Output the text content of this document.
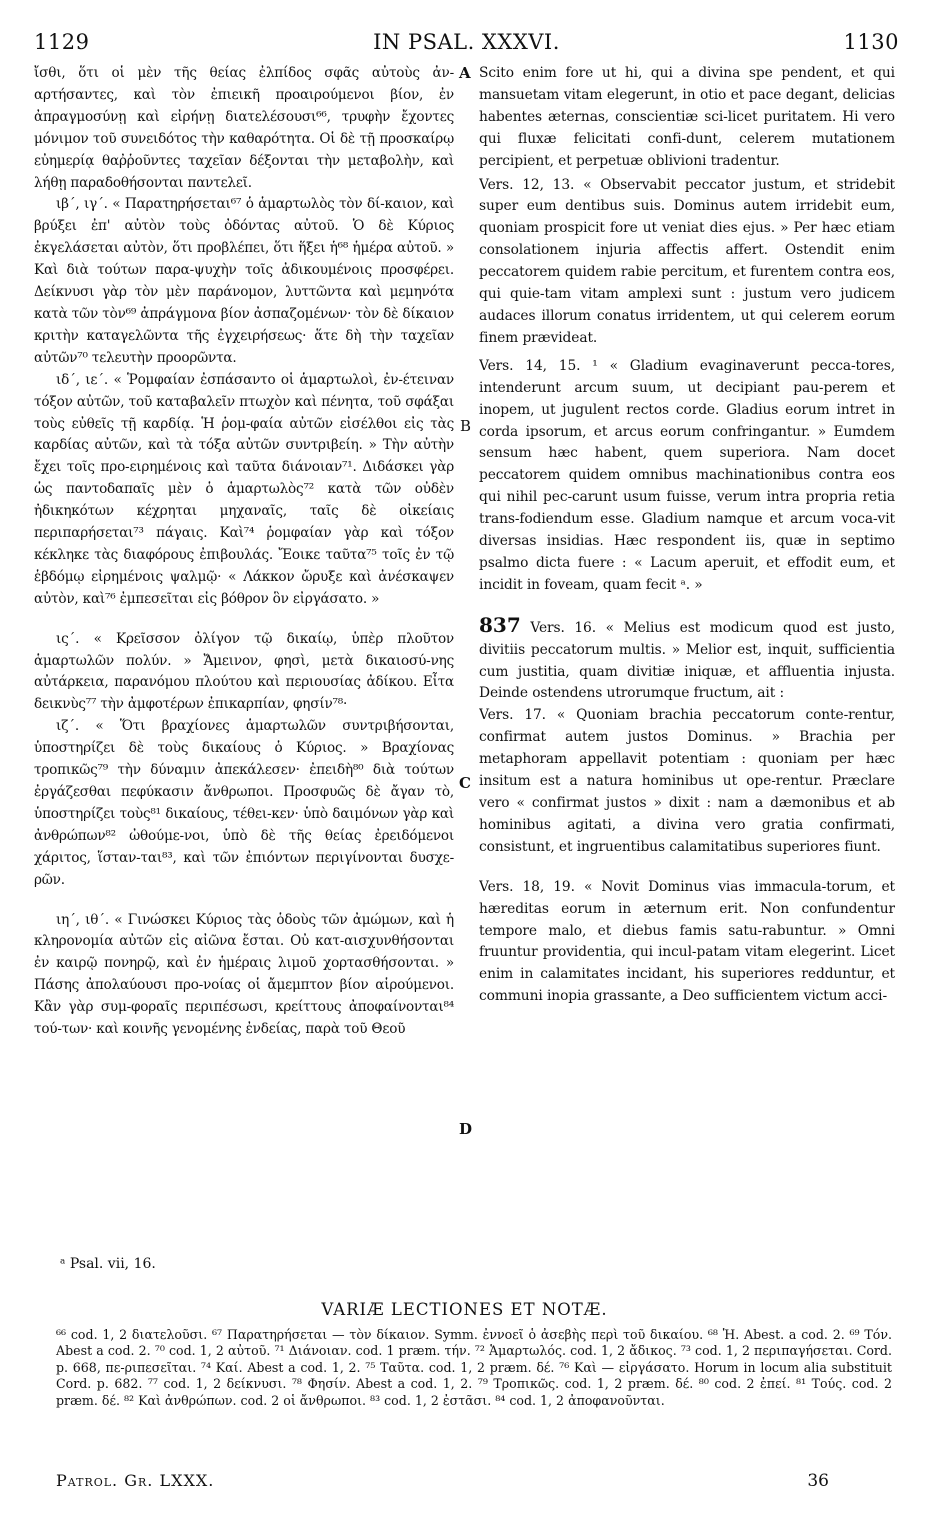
IN PSAL. XXXVI.
1129	1130

ἴσθι, ὅτι οἱ μὲν τῆς θείας ἐλπίδος σφᾶς αὐτοὺς ἀν-αρτήσαντες, καὶ τὸν ἐπιεικῆ προαιρούμενοι βίον, ἐν ἀπραγμοσύνῃ καὶ εἰρήνῃ διατελέσουσι⁶⁶, τρυφὴν ἔχοντες μόνιμον τοῦ συνειδότος τὴν καθαρότητα. Οἱ δὲ τῇ προσκαίρῳ εὐημερίᾳ θαῤῥοῦντες ταχεῖαν δέξονται τὴν μεταβολὴν, καὶ λήθῃ παραδοθήσονται παντελεῖ.

ιβ΄, ιγ΄. « Παρατηρήσεται⁶⁷ ὁ ἁμαρτωλὸς τὸν δί-καιον, καὶ βρύξει ἐπ' αὐτὸν τοὺς ὀδόντας αὐτοῦ. Ὁ δὲ Κύριος ἐκγελάσεται αὐτὸν, ὅτι προβλέπει, ὅτι ἥξει ἡ⁶⁸ ἡμέρα αὐτοῦ. » Καὶ διὰ τούτων παρα-ψυχὴν τοῖς ἀδικουμένοις προσφέρει. Δείκνυσι γὰρ τὸν μὲν παράνομον, λυττῶντα καὶ μεμηνότα κατὰ τῶν τὸν⁶⁹ ἀπράγμονα βίον ἀσπαζομένων· τὸν δὲ δίκαιον κριτὴν καταγελῶντα τῆς ἐγχειρήσεως· ἅτε δὴ τὴν ταχεῖαν αὐτῶν⁷⁰ τελευτὴν προορῶντα.

ιδ΄, ιε΄. « Ῥομφαίαν ἐσπάσαντο οἱ ἁμαρτωλοὶ, ἐν-έτειναν τόξον αὐτῶν, τοῦ καταβαλεῖν πτωχὸν καὶ πένητα, τοῦ σφάξαι τοὺς εὐθεῖς τῇ καρδίᾳ. Ἡ ῥομ-φαία αὐτῶν εἰσέλθοι εἰς τὰς καρδίας αὐτῶν, καὶ τὰ τόξα αὐτῶν συντριβείη. » Τὴν αὐτὴν ἔχει τοῖς προ-ειρημένοις καὶ ταῦτα διάνοιαν⁷¹. Διδάσκει γὰρ ὡς παντοδαπαῖς μὲν ὁ ἁμαρτωλὸς⁷² κατὰ τῶν οὐδὲν ἠδικηκότων κέχρηται μηχαναῖς, ταῖς δὲ οἰκείαις περιπαρήσεται⁷³ πάγαις. Καὶ⁷⁴ ῥομφαίαν γὰρ καὶ τόξον κέκληκε τὰς διαφόρους ἐπιβουλάς. Ἔοικε ταῦτα⁷⁵ τοῖς ἐν τῷ ἑβδόμῳ εἰρημένοις ψαλμῷ· « Λάκκον ὤρυξε καὶ ἀνέσκαψεν αὐτὸν, καὶ⁷⁶ ἐμπεσεῖται εἰς βόθρον ὃν εἰργάσατο. »

ις΄. « Κρεῖσσον ὀλίγον τῷ δικαίῳ, ὑπὲρ πλοῦτον ἁμαρτωλῶν πολύν. » Ἄμεινον, φησὶ, μετὰ δικαιοσύ-νης αὐτάρκεια, παρανόμου πλούτου καὶ περιουσίας ἀδίκου. Εἶτα δεικνὺς⁷⁷ τὴν ἀμφοτέρων ἐπικαρπίαν, φησίν⁷⁸·

ιζ΄. « Ὅτι βραχίονες ἁμαρτωλῶν συντριβήσονται, ὑποστηρίζει δὲ τοὺς δικαίους ὁ Κύριος. » Βραχίονας τροπικῶς⁷⁹ τὴν δύναμιν ἀπεκάλεσεν· ἐπειδὴ⁸⁰ διὰ τούτων ἐργάζεσθαι πεφύκασιν ἄνθρωποι. Προσφυῶς δὲ ἄγαν τὸ, ὑποστηρίζει τοὺς⁸¹ δικαίους, τέθει-κεν· ὑπὸ δαιμόνων γὰρ καὶ ἀνθρώπων⁸² ὠθούμε-νοι, ὑπὸ δὲ τῆς θείας ἐρειδόμενοι χάριτος, ἵσταν-ται⁸³, καὶ τῶν ἐπιόντων περιγίνονται δυσχε-ρῶν.

ιη΄, ιθ΄. « Γινώσκει Κύριος τὰς ὁδοὺς τῶν ἀμώμων, καὶ ἡ κληρονομία αὐτῶν εἰς αἰῶνα ἔσται. Οὐ κατ-αισχυνθήσονται ἐν καιρῷ πονηρῷ, καὶ ἐν ἡμέραις λιμοῦ χορτασθήσονται. » Πάσης ἀπολαύουσι προ-νοίας οἱ ἄμεμπτον βίον αἱρούμενοι. Κἂν γὰρ συμ-φοραῖς περιπέσωσι, κρείττους ἀποφαίνονται⁸⁴ τού-των· καὶ κοινῆς γενομένης ἐνδείας, παρὰ τοῦ Θεοῦ

A
B
C
D

Scito enim fore ut hi, qui a divina spe pendent, et qui mansuetam vitam elegerunt, in otio et pace degant, delicias habentes æternas, conscientiæ sci-licet puritatem. Hi vero qui fluxæ felicitati confi-dunt, celerem mutationem percipient, et perpetuæ oblivioni tradentur.

Vers. 12, 13. « Observabit peccator justum, et stridebit super eum dentibus suis. Dominus autem irridebit eum, quoniam prospicit fore ut veniat dies ejus. » Per hæc etiam consolationem injuria affectis affert. Ostendit enim peccatorem quidem rabie percitum, et furentem contra eos, qui quie-tam vitam amplexi sunt : justum vero judicem audaces illorum conatus irridentem, ut qui celerem eorum finem prævideat.

Vers. 14, 15. ¹ « Gladium evaginaverunt pecca-tores, intenderunt arcum suum, ut decipiant pau-perem et inopem, ut jugulent rectos corde. Gladius eorum intret in corda ipsorum, et arcus eorum confringantur. » Eumdem sensum hæc habent, quem superiora. Nam docet peccatorem quidem omnibus machinationibus contra eos qui nihil pec-carunt usum fuisse, verum intra propria retia trans-fodiendum esse. Gladium namque et arcum voca-vit diversas insidias. Hæc respondent iis, quæ in septimo psalmo dicta fuere : « Lacum aperuit, et effodit eum, et incidit in foveam, quam fecit ᵃ. »

837 Vers. 16. « Melius est modicum quod est justo, divitiis peccatorum multis. » Melior est, inquit, sufficientia cum justitia, quam divitiæ iniquæ, et affluentia injusta. Deinde ostendens utrorumque fructum, ait :

Vers. 17. « Quoniam brachia peccatorum conte-rentur, confirmat autem justos Dominus. » Brachia per metaphoram appellavit potentiam : quoniam per hæc insitum est a natura hominibus ut ope-rentur. Præclare vero « confirmat justos » dixit : nam a dæmonibus et ab hominibus agitati, a divina vero gratia confirmati, consistunt, et ingruentibus calamitatibus superiores fiunt.

Vers. 18, 19. « Novit Dominus vias immacula-torum, et hæreditas eorum in æternum erit. Non confundentur tempore malo, et diebus famis satu-rabuntur. » Omni fruuntur providentia, qui incul-patam vitam elegerint. Licet enim in calamitates incidant, his superiores redduntur, et communi inopia grassante, a Deo sufficientem victum acci-

ᵃ Psal. vii, 16.
VARIÆ LECTIONES ET NOTÆ.

⁶⁶ cod. 1, 2 διατελοῦσι. ⁶⁷ Παρατηρήσεται — τὸν δίκαιον. Symm. ἐννοεῖ ὁ ἀσεβὴς περὶ τοῦ δικαίου. ⁶⁸ Ἡ. Abest. a cod. 2. ⁶⁹ Τόν. Abest a cod. 2. ⁷⁰ cod. 1, 2 αὐτοῦ. ⁷¹ Διάνοιαν. cod. 1 præm. τήν. ⁷² Ἁμαρτωλός. cod. 1, 2 ἄδικος. ⁷³ cod. 1, 2 περιπαγήσεται. Cord. p. 668, πε-ριπεσεῖται. ⁷⁴ Καί. Abest a cod. 1, 2. ⁷⁵ Ταῦτα. cod. 1, 2 præm. δέ. ⁷⁶ Καὶ — εἰργάσατο. Horum in locum alia substituit Cord. p. 682. ⁷⁷ cod. 1, 2 δείκνυσι. ⁷⁸ Φησίν. Abest a cod. 1, 2. ⁷⁹ Τροπικῶς. cod. 1, 2 præm. δέ. ⁸⁰ cod. 2 ἐπεί. ⁸¹ Τούς. cod. 2 præm. δέ. ⁸² Καὶ ἀνθρώπων. cod. 2 οἱ ἄνθρωποι. ⁸³ cod. 1, 2 ἐστᾶσι. ⁸⁴ cod. 1, 2 ἀποφανοῦνται.

Patrol. Gr. LXXX.	36
